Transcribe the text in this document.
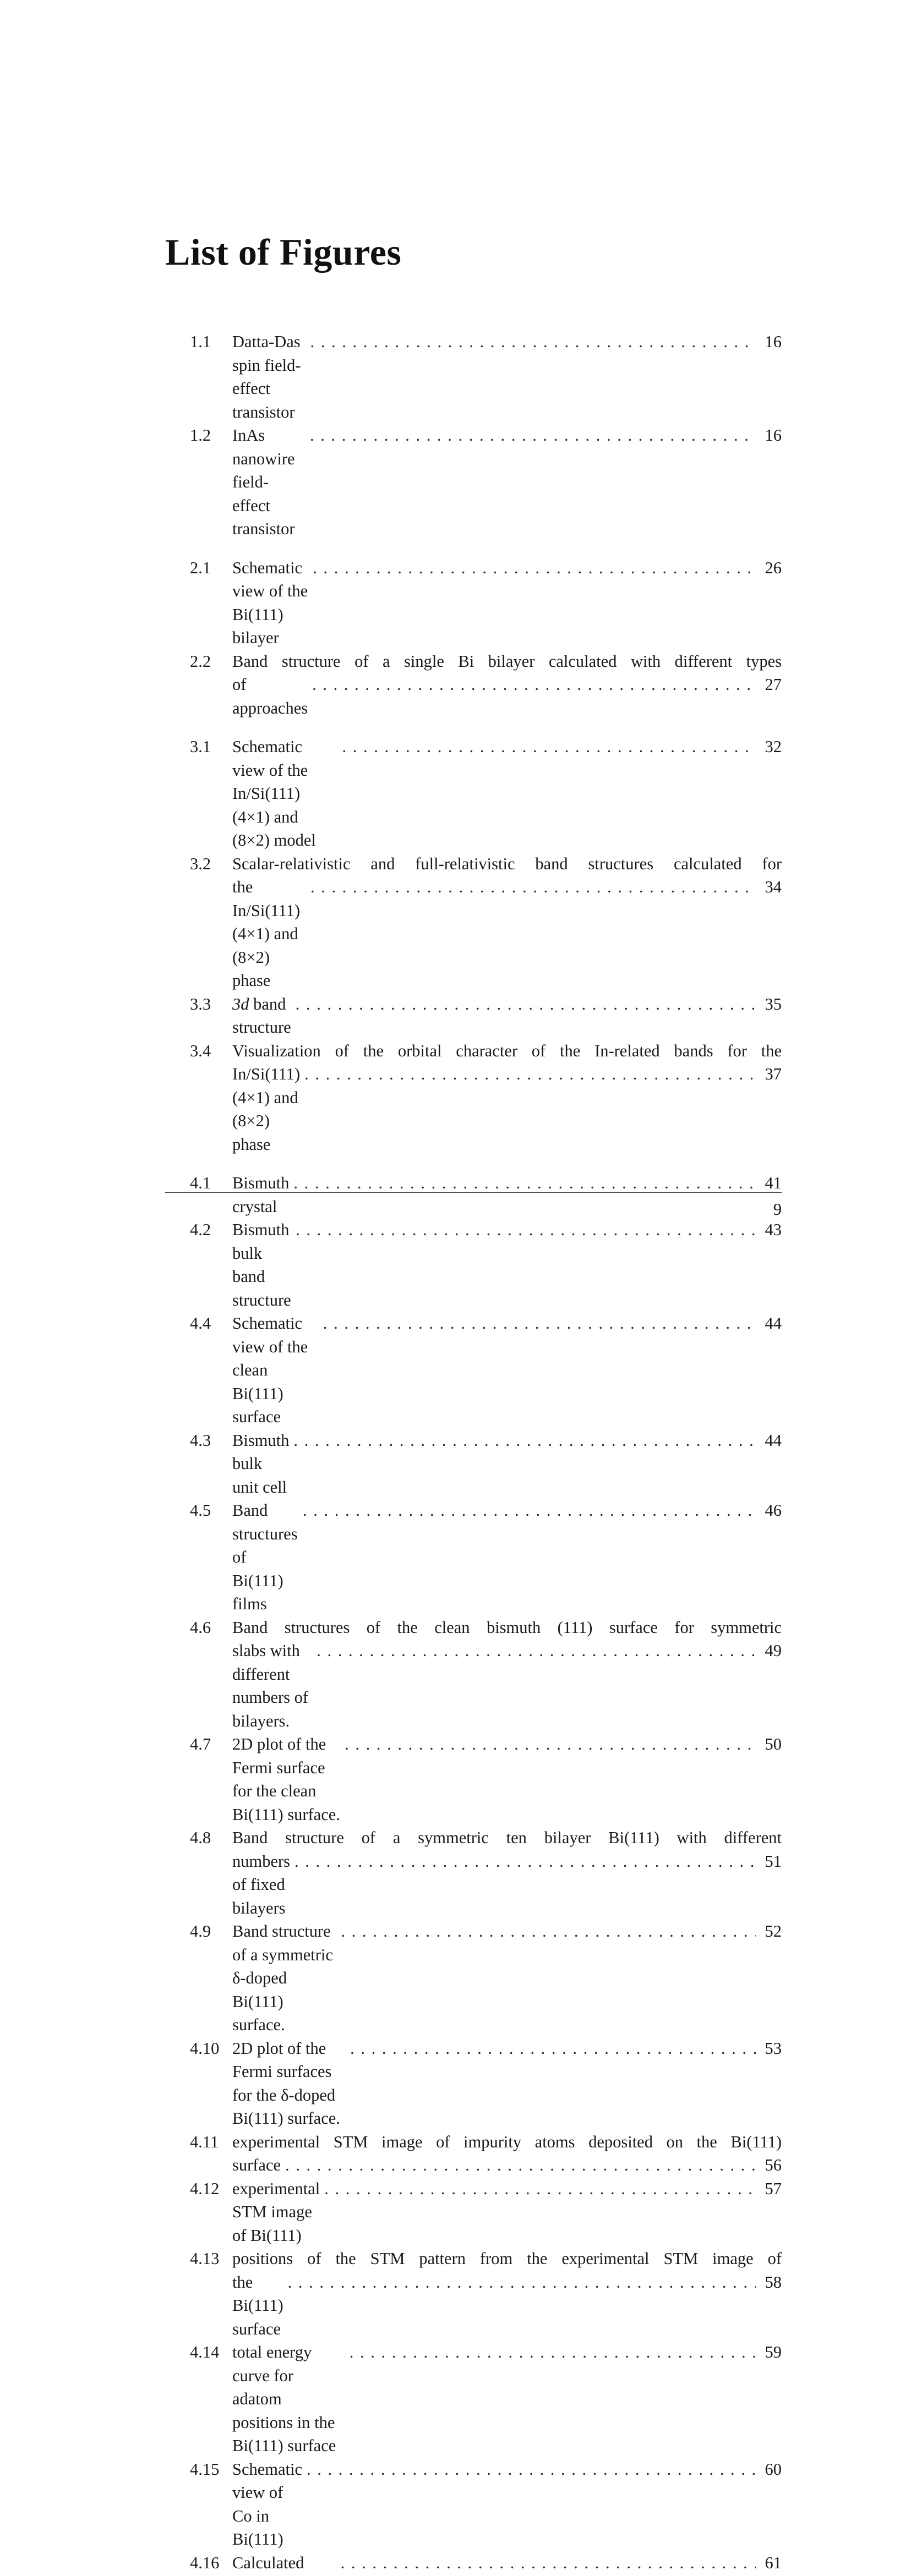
List of Figures
1.1 Datta-Das spin field-effect transistor
. . .
16
1.2 InAs nanowire field-effect transistor
. . .
16
2.1 Schematic view of the Bi(111) bilayer
. . .
26
2.2 Band structure of a single Bi bilayer calculated with different types
of approaches
. . .
27
3.1 Schematic view of the In/Si(111) (4×1) and (8×2) model
. . .
32
3.2 Scalar-relativistic and full-relativistic band structures calculated for
the In/Si(111) (4×1) and (8×2) phase
. . .
34
3.3 3d band structure
. . .
35
3.4 Visualization of the orbital character of the In-related bands for the
In/Si(111) (4×1) and (8×2) phase
. . .
37
4.1 Bismuth crystal
. . .
41
4.2 Bismuth bulk band structure
. . .
43
4.4 Schematic view of the clean Bi(111) surface
. . .
44
4.3 Bismuth bulk unit cell
. . .
44
4.5 Band structures of Bi(111) films
. . .
46
4.6 Band structures of the clean bismuth (111) surface for symmetric
slabs with different numbers of bilayers.
. . .
49
4.7 2D plot of the Fermi surface for the clean Bi(111) surface.
. . .
50
4.8 Band structure of a symmetric ten bilayer Bi(111) with different
numbers of fixed bilayers
. . .
51
4.9 Band structure of a symmetric δ-doped Bi(111) surface.
. . .
52
4.10 2D plot of the Fermi surfaces for the δ-doped Bi(111) surface.
. . .
53
4.11 experimental STM image of impurity atoms deposited on the Bi(111)
surface . . .	56
4.12 experimental STM image of Bi(111)
. . .
57
4.13 positions of the STM pattern from the experimental STM image of
the Bi(111) surface
. . .
58
4.14 total energy curve for adatom positions in the Bi(111) surface
. . .
59
4.15 Schematic view of Co in Bi(111)
. . .
60
4.16 Calculated . . .	61
9
